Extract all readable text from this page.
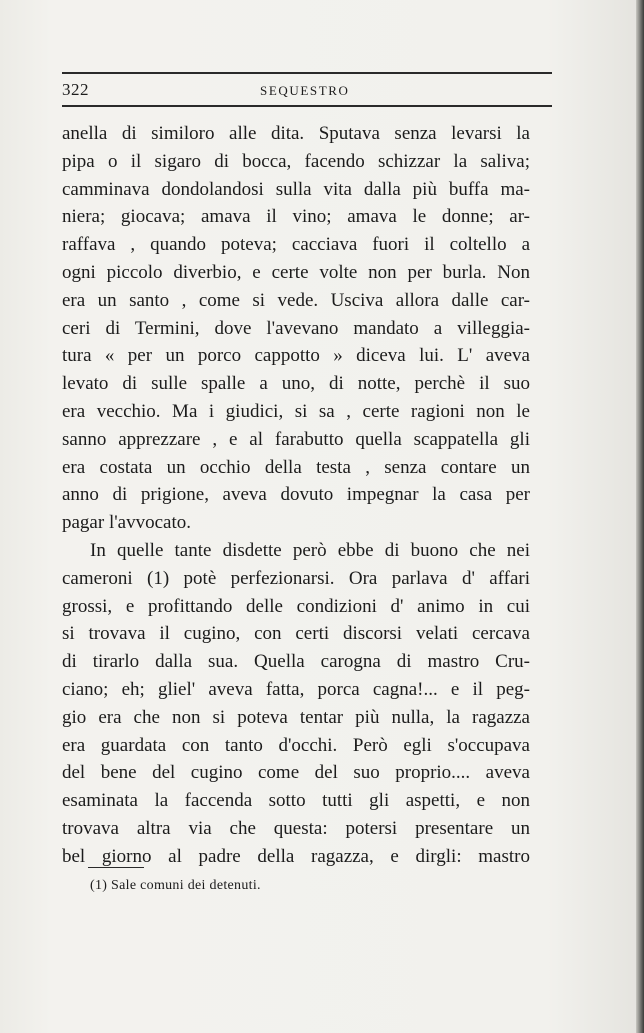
322	SEQUESTRO
anella di similoro alle dita. Sputava senza levarsi la
pipa o il sigaro di bocca, facendo schizzar la saliva;
camminava dondolandosi sulla vita dalla più buffa ma-
niera; giocava; amava il vino; amava le donne; ar-
raffava , quando poteva; cacciava fuori il coltello a
ogni piccolo diverbio, e certe volte non per burla. Non
era un santo , come si vede. Usciva allora dalle car-
ceri di Termini, dove l'avevano mandato a villeggia-
tura « per un porco cappotto » diceva lui. L' aveva
levato di sulle spalle a uno, di notte, perchè il suo
era vecchio. Ma i giudici, si sa , certe ragioni non le
sanno apprezzare , e al farabutto quella scappatella gli
era costata un occhio della testa , senza contare un
anno di prigione, aveva dovuto impegnar la casa per
pagar l'avvocato.
In quelle tante disdette però ebbe di buono che nei
cameroni (1) potè perfezionarsi. Ora parlava d' affari
grossi, e profittando delle condizioni d' animo in cui
si trovava il cugino, con certi discorsi velati cercava
di tirarlo dalla sua. Quella carogna di mastro Cru-
ciano; eh; gliel' aveva fatta, porca cagna!... e il peg-
gio era che non si poteva tentar più nulla, la ragazza
era guardata con tanto d'occhi. Però egli s'occupava
del bene del cugino come del suo proprio.... aveva
esaminata la faccenda sotto tutti gli aspetti, e non
trovava altra via che questa: potersi presentare un
bel giorno al padre della ragazza, e dirgli: mastro
(1) Sale comuni dei detenuti.
